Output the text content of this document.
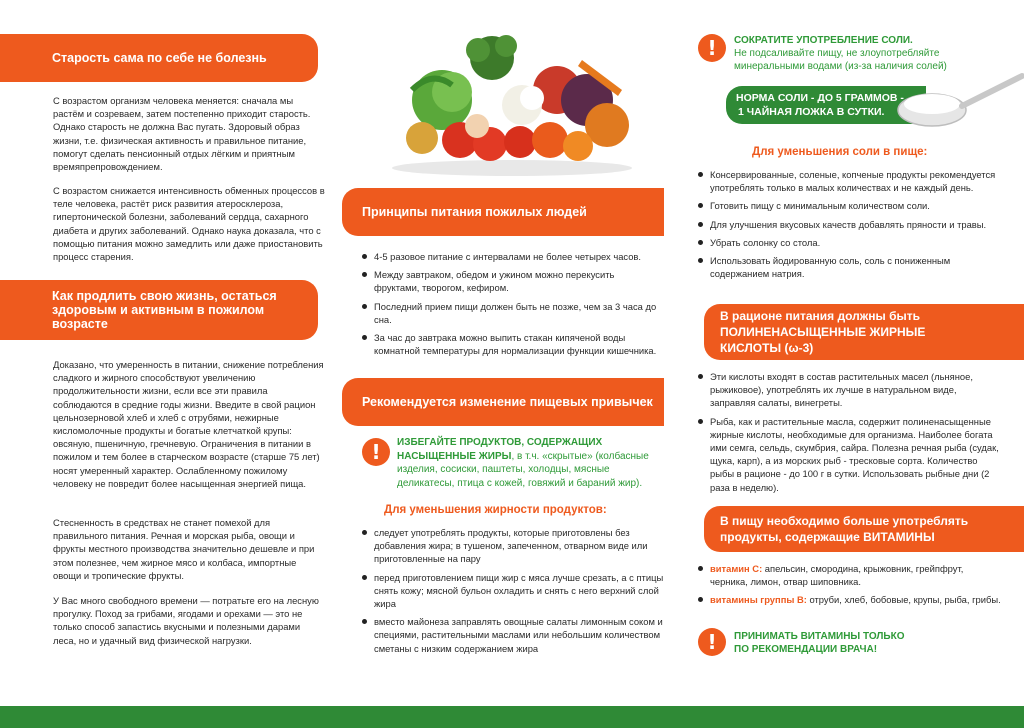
Старость сама по себе не болезнь

С возрастом организм человека меняется: сначала мы растём и созреваем, затем постепенно приходит старость. Однако старость не должна Вас пугать. Здоровый образ жизни, т.е. физическая активность и правильное питание, помогут сделать пенсионный отдых лёгким и приятным времяпрепровождением.

С возрастом снижается интенсивность обменных процессов в теле человека, растёт риск развития атеросклероза, гипертонической болезни, заболеваний сердца, сахарного диабета и других заболеваний. Однако наука доказала, что с помощью питания можно замедлить или даже приостановить процесс старения.

Как продлить свою жизнь, остаться здоровым и активным в пожилом возрасте

Доказано, что умеренность в питании, снижение потребления сладкого и жирного способствуют увеличению продолжительности жизни, если все эти правила соблюдаются в средние годы жизни. Введите в свой рацион цельнозерновой хлеб и хлеб с отрубями, нежирные кисломолочные продукты и богатые клетчаткой крупы: овсяную, пшеничную, гречневую. Ограничения в питании в пожилом и тем более в старческом возрасте (старше 75 лет) носят умеренный характер. Ослабленному пожилому человеку не повредит более насыщенная энергией пища.

Стесненность в средствах не станет помехой для правильного питания. Речная и морская рыба, овощи и фрукты местного производства значительно дешевле и при этом полезнее, чем жирное мясо и колбаса, импортные овощи и тропические фрукты.

У Вас много свободного времени — потратьте его на лесную прогулку. Поход за грибами, ягодами и орехами — это не только способ запастись вкусными и полезными дарами леса, но и удачный вид физической нагрузки.

Принципы питания пожилых людей
4-5 разовое питание с интервалами не более четырех часов.
Между завтраком, обедом и ужином можно перекусить фруктами, творогом, кефиром.
Последний прием пищи должен быть не позже, чем за 3 часа до сна.
За час до завтрака можно выпить стакан кипяченой воды комнатной температуры для нормализации функции кишечника.
Рекомендуется изменение пищевых привычек
!	ИЗБЕГАЙТЕ ПРОДУКТОВ, СОДЕРЖАЩИХ НАСЫЩЕННЫЕ ЖИРЫ, в т.ч. «скрытые» (колбасные изделия, сосиски, паштеты, холодцы, мясные деликатесы, птица с кожей, говяжий и бараний жир).
Для уменьшения жирности продуктов:
следует употреблять продукты, которые приготовлены без добавления жира; в тушеном, запеченном, отварном виде или приготовленные на пару
перед приготовлением пищи жир с мяса лучше срезать, а с птицы снять кожу; мясной бульон охладить и снять с него верхний слой жира
вместо майонеза заправлять овощные салаты лимонным соком и специями, растительными маслами или небольшим количеством сметаны с низким содержанием жира
!	СОКРАТИТЕ УПОТРЕБЛЕНИЕ СОЛИ.
Не подсаливайте пищу, не злоупотребляйте минеральными водами (из-за наличия солей)
НОРМА СОЛИ - ДО 5 ГРАММОВ -
1 ЧАЙНАЯ ЛОЖКА В СУТКИ.
Для уменьшения соли в пище:
Консервированные, соленые, копченые продукты рекомендуется употреблять только в малых количествах и не каждый день.
Готовить пищу с минимальным количеством соли.
Для улучшения вкусовых качеств добавлять пряности и травы.
Убрать солонку со стола.
Использовать йодированную соль, соль с пониженным содержанием натрия.
В рационе питания должны быть
ПОЛИНЕНАСЫЩЕННЫЕ ЖИРНЫЕ
КИСЛОТЫ (ω-3)
Эти кислоты входят в состав растительных масел (льняное, рыжиковое), употреблять их лучше в натуральном виде, заправляя салаты, винегреты.
Рыба, как и растительные масла, содержит полиненасыщенные жирные кислоты, необходимые для организма. Наиболее богата ими семга, сельдь, скумбрия, сайра. Полезна речная рыба (судак, щука, карп), а из морских рыб - тресковые сорта. Количество рыбы в рационе - до 100 г в сутки. Использовать рыбные дни (2 раза в неделю).
В пищу необходимо больше употреблять
продукты, содержащие ВИТАМИНЫ
витамин С: апельсин, смородина, крыжовник, грейпфрут, черника, лимон, отвар шиповника.
витамины группы В: отруби, хлеб, бобовые, крупы, рыба, грибы.
!	ПРИНИМАТЬ ВИТАМИНЫ ТОЛЬКО
ПО РЕКОМЕНДАЦИИ ВРАЧА!
